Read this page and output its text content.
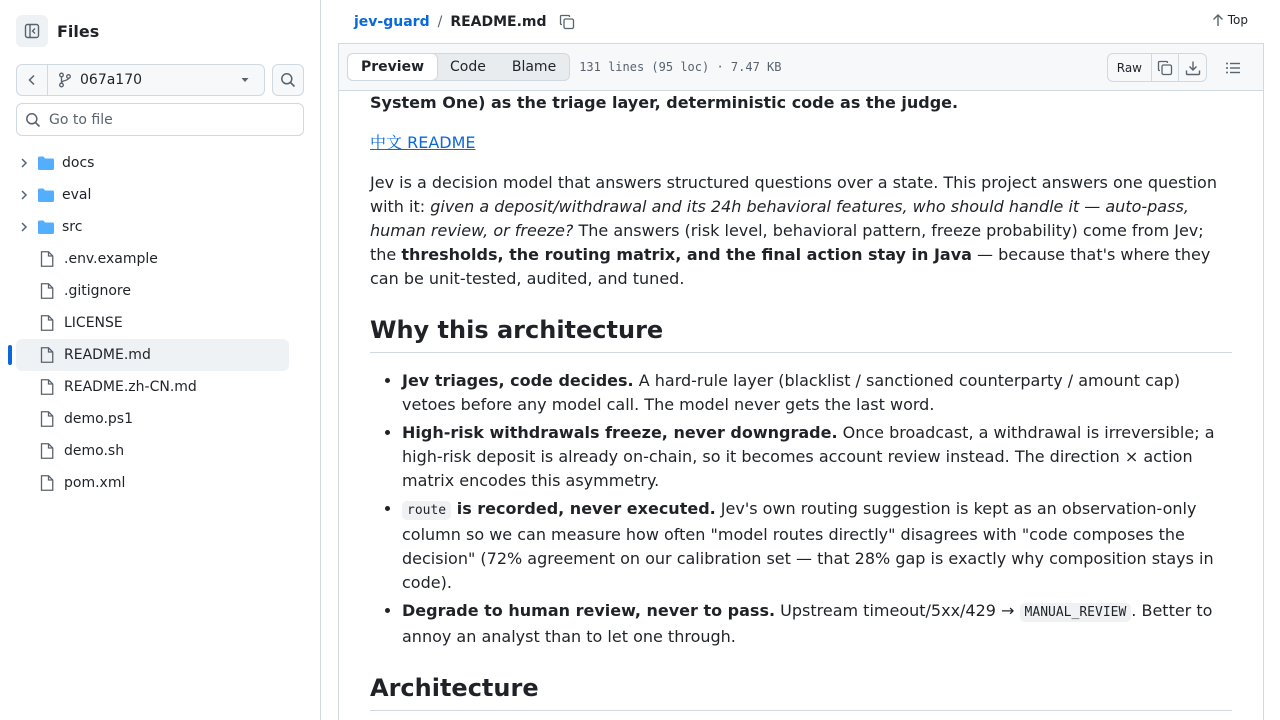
Files
067a170
Go to file
docs
eval
src
.env.example
.gitignore
LICENSE
README.md
README.zh-CN.md
demo.ps1
demo.sh
pom.xml
jev-guard / README.md	Top
Preview	Code	Blame	131 lines (95 loc) · 7.47 KB	Raw

System One) as the triage layer, deterministic code as the judge.

中文 README

Jev is a decision model that answers structured questions over a state. This project answers one question with it: given a deposit/withdrawal and its 24h behavioral features, who should handle it — auto-pass, human review, or freeze? The answers (risk level, behavioral pattern, freeze probability) come from Jev; the thresholds, the routing matrix, and the final action stay in Java — because that's where they can be unit-tested, audited, and tuned.

Why this architecture
• Jev triages, code decides. A hard-rule layer (blacklist / sanctioned counterparty / amount cap) vetoes before any model call. The model never gets the last word.
• High-risk withdrawals freeze, never downgrade. Once broadcast, a withdrawal is irreversible; a high-risk deposit is already on-chain, so it becomes account review instead. The direction × action matrix encodes this asymmetry.
• route is recorded, never executed. Jev's own routing suggestion is kept as an observation-only column so we can measure how often "model routes directly" disagrees with "code composes the decision" (72% agreement on our calibration set — that 28% gap is exactly why composition stays in code).
• Degrade to human review, never to pass. Upstream timeout/5xx/429 → MANUAL_REVIEW . Better to annoy an analyst than to let one through.
Architecture
